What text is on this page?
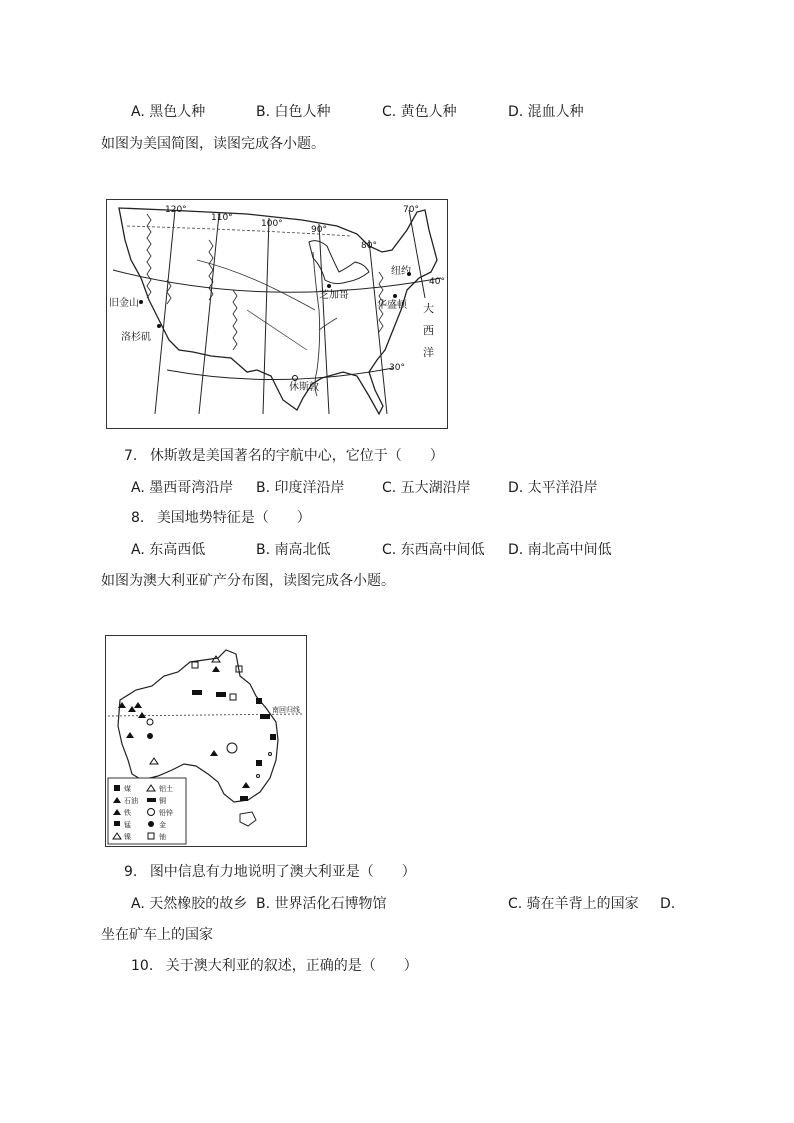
A. 黑色人种	B. 白色人种	C. 黄色人种	D. 混血人种
如图为美国简图，读图完成各小题。
120°
110°
100°
90°
80°
70°
40°
30°
旧金山
洛杉矶
芝加哥
纽约
华盛顿
休斯敦
大
西
洋
7. 休斯敦是美国著名的宇航中心，它位于（　　）
A. 墨西哥湾沿岸 B. 印度洋沿岸	C. 五大湖沿岸	D. 太平洋沿岸
8. 美国地势特征是（　　）
A. 东高西低	B. 南高北低	C. 东西高中间低 D. 南北高中间低
如图为澳大利亚矿产分布图，读图完成各小题。
南回归线
煤
石油
铁
锰
镍
铝土
铜
铅锌
金
铀
9. 图中信息有力地说明了澳大利亚是（　　）
A. 天然橡胶的故乡 B. 世界活化石博物馆	C. 骑在羊背上的国家 D.
坐在矿车上的国家
10. 关于澳大利亚的叙述，正确的是（　　）
